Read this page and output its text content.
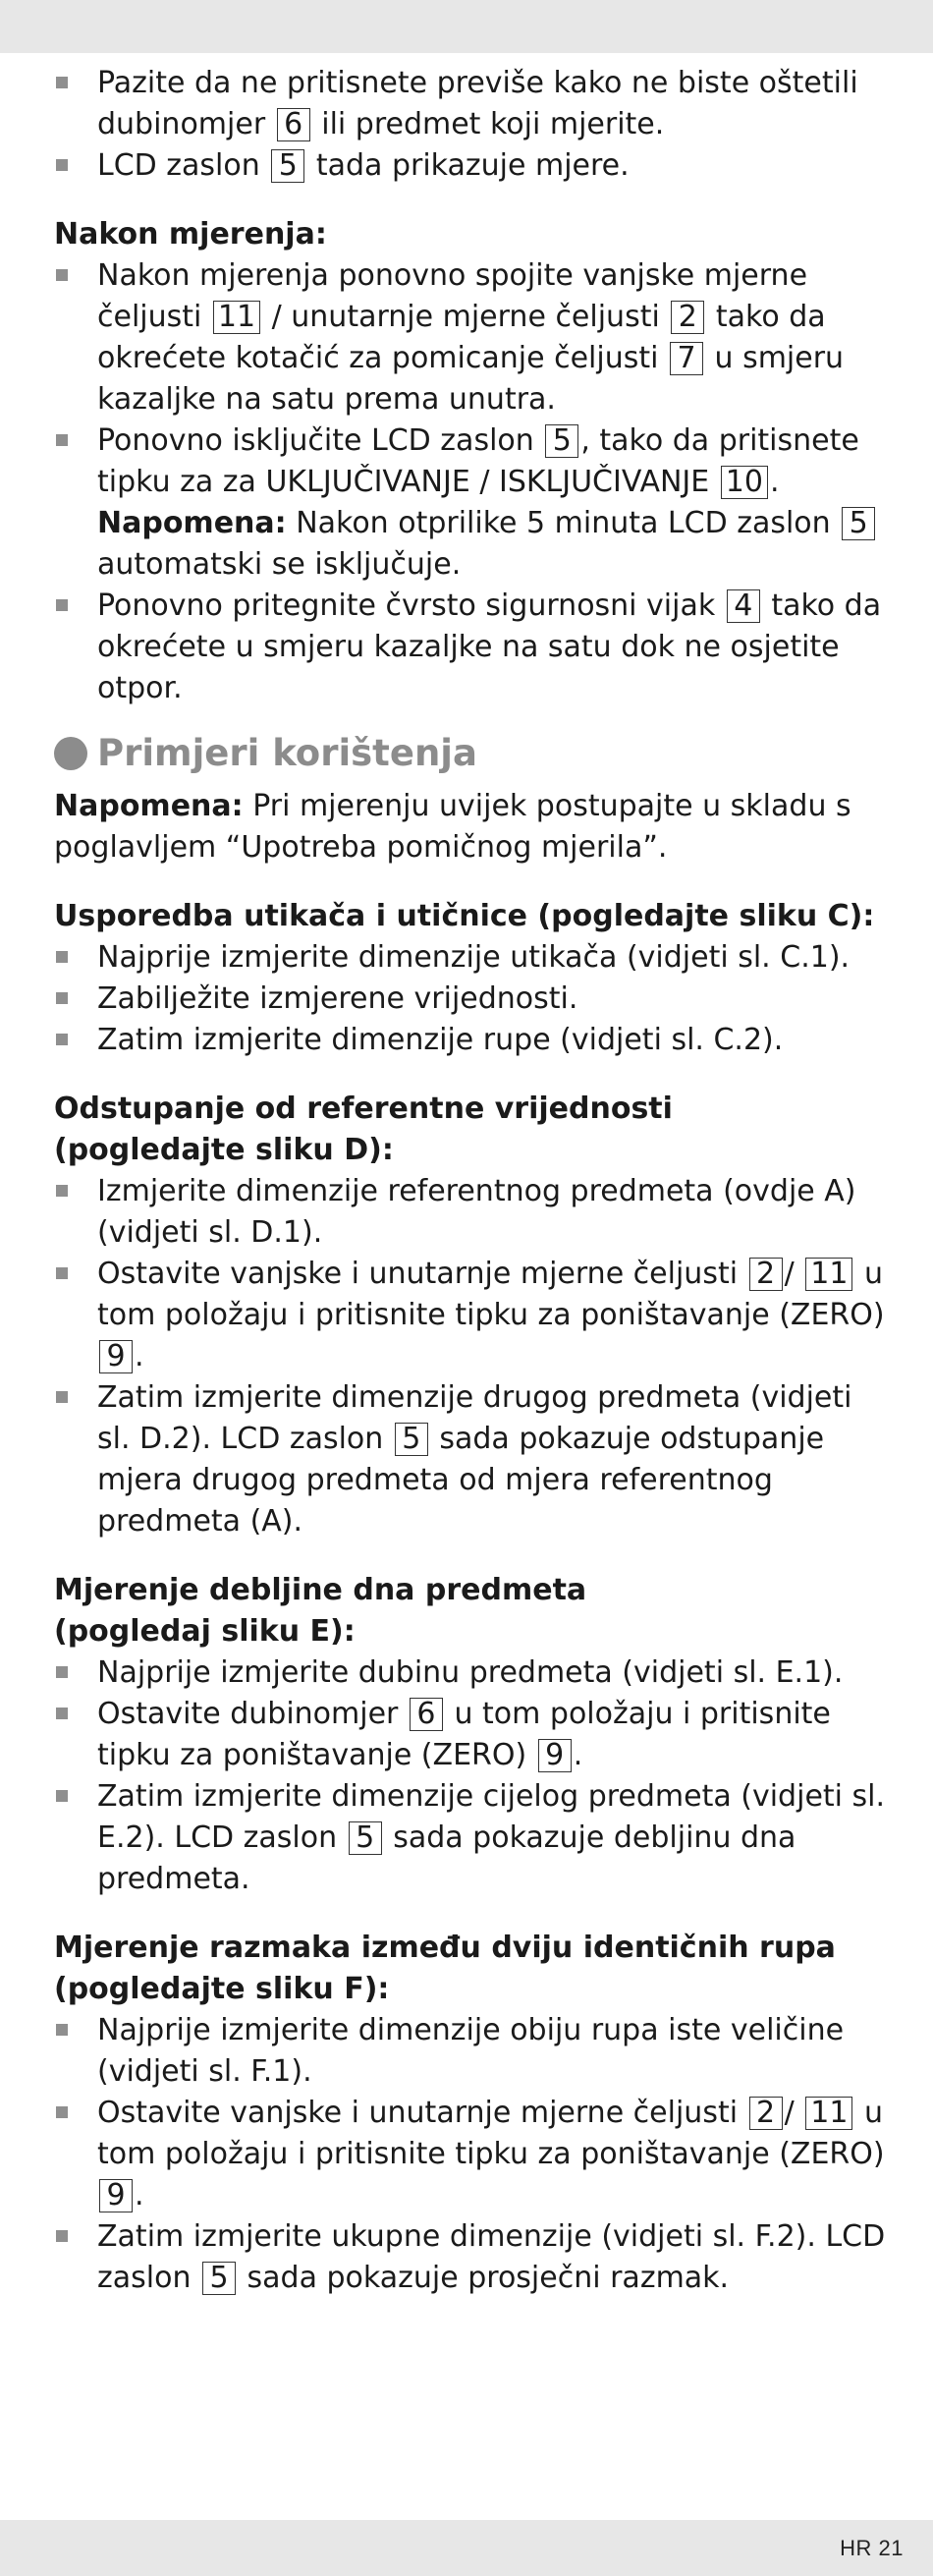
Pazite da ne pritisnete previše kako ne biste oštetili dubinomjer 6 ili predmet koji mjerite.
LCD zaslon 5 tada prikazuje mjere.

Nakon mjerenja:

Nakon mjerenja ponovno spojite vanjske mjerne čeljusti 11 / unutarnje mjerne čeljusti 2 tako da okrećete kotačić za pomicanje čeljusti 7 u smjeru kazaljke na satu prema unutra.
Ponovno isključite LCD zaslon 5 , tako da pritisnete tipku za za UKLJUČIVANJE / ISKLJUČIVANJE 10 .
Napomena: Nakon otprilike 5 minuta LCD zaslon 5 automatski se isključuje.
Ponovno pritegnite čvrsto sigurnosni vijak 4 tako da okrećete u smjeru kazaljke na satu dok ne osjetite otpor.
Primjeri korištenja

Napomena: Pri mjerenju uvijek postupajte u skladu s poglavljem “Upotreba pomičnog mjerila”.

Usporedba utikača i utičnice (pogledajte sliku C):

Najprije izmjerite dimenzije utikača (vidjeti sl. C.1).
Zabilježite izmjerene vrijednosti.
Zatim izmjerite dimenzije rupe (vidjeti sl. C.2).

Odstupanje od referentne vrijednosti
(pogledajte sliku D):

Izmjerite dimenzije referentnog predmeta (ovdje A) (vidjeti sl. D.1).
Ostavite vanjske i unutarnje mjerne čeljusti 2 / 11 u tom položaju i pritisnite tipku za poništavanje (ZERO) 9 .
Zatim izmjerite dimenzije drugog predmeta (vidjeti sl. D.2). LCD zaslon 5 sada pokazuje odstupanje mjera drugog predmeta od mjera referentnog predmeta (A).

Mjerenje debljine dna predmeta
(pogledaj sliku E):

Najprije izmjerite dubinu predmeta (vidjeti sl. E.1).
Ostavite dubinomjer 6 u tom položaju i pritisnite tipku za poništavanje (ZERO) 9 .
Zatim izmjerite dimenzije cijelog predmeta (vidjeti sl. E.2). LCD zaslon 5 sada pokazuje debljinu dna predmeta.

Mjerenje razmaka između dviju identičnih rupa
(pogledajte sliku F):

Najprije izmjerite dimenzije obiju rupa iste veličine (vidjeti sl. F.1).
Ostavite vanjske i unutarnje mjerne čeljusti 2 / 11 u tom položaju i pritisnite tipku za poništavanje (ZERO) 9 .
Zatim izmjerite ukupne dimenzije (vidjeti sl. F.2). LCD zaslon 5 sada pokazuje prosječni razmak.
HR 21
